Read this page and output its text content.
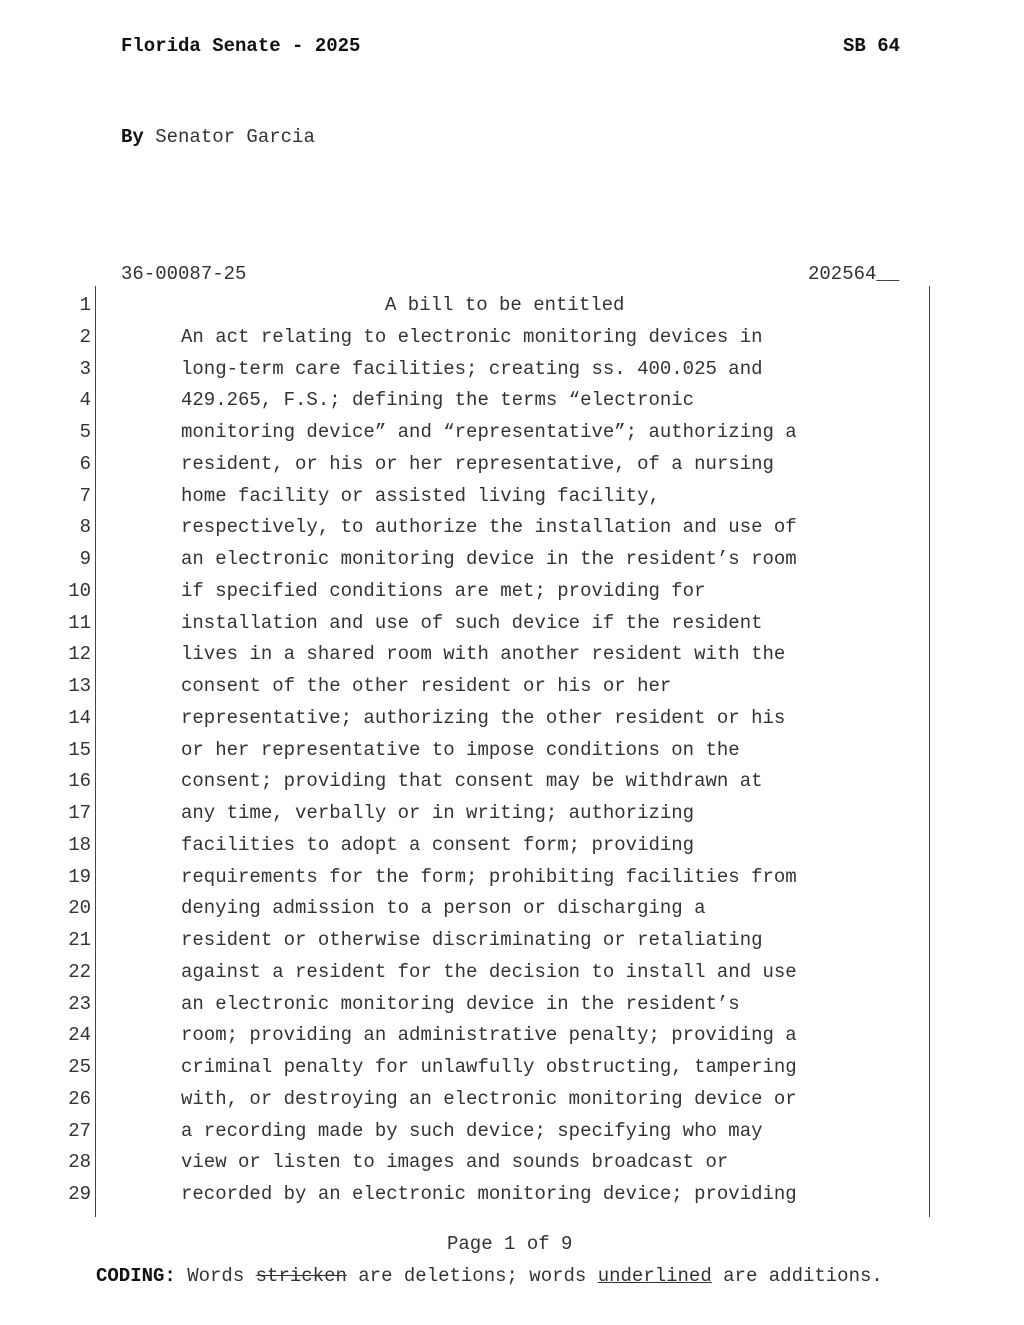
Florida Senate - 2025	SB 64
By Senator Garcia
36-00087-25	202564__
1	A bill to be entitled
2	An act relating to electronic monitoring devices in
3	long-term care facilities; creating ss. 400.025 and
4	429.265, F.S.; defining the terms “electronic
5	monitoring device” and “representative”; authorizing a
6	resident, or his or her representative, of a nursing
7	home facility or assisted living facility,
8	respectively, to authorize the installation and use of
9	an electronic monitoring device in the resident’s room
10	if specified conditions are met; providing for
11	installation and use of such device if the resident
12	lives in a shared room with another resident with the
13	consent of the other resident or his or her
14	representative; authorizing the other resident or his
15	or her representative to impose conditions on the
16	consent; providing that consent may be withdrawn at
17	any time, verbally or in writing; authorizing
18	facilities to adopt a consent form; providing
19	requirements for the form; prohibiting facilities from
20	denying admission to a person or discharging a
21	resident or otherwise discriminating or retaliating
22	against a resident for the decision to install and use
23	an electronic monitoring device in the resident’s
24	room; providing an administrative penalty; providing a
25	criminal penalty for unlawfully obstructing, tampering
26	with, or destroying an electronic monitoring device or
27	a recording made by such device; specifying who may
28	view or listen to images and sounds broadcast or
29	recorded by an electronic monitoring device; providing
Page 1 of 9
CODING: Words stricken are deletions; words underlined are additions.
